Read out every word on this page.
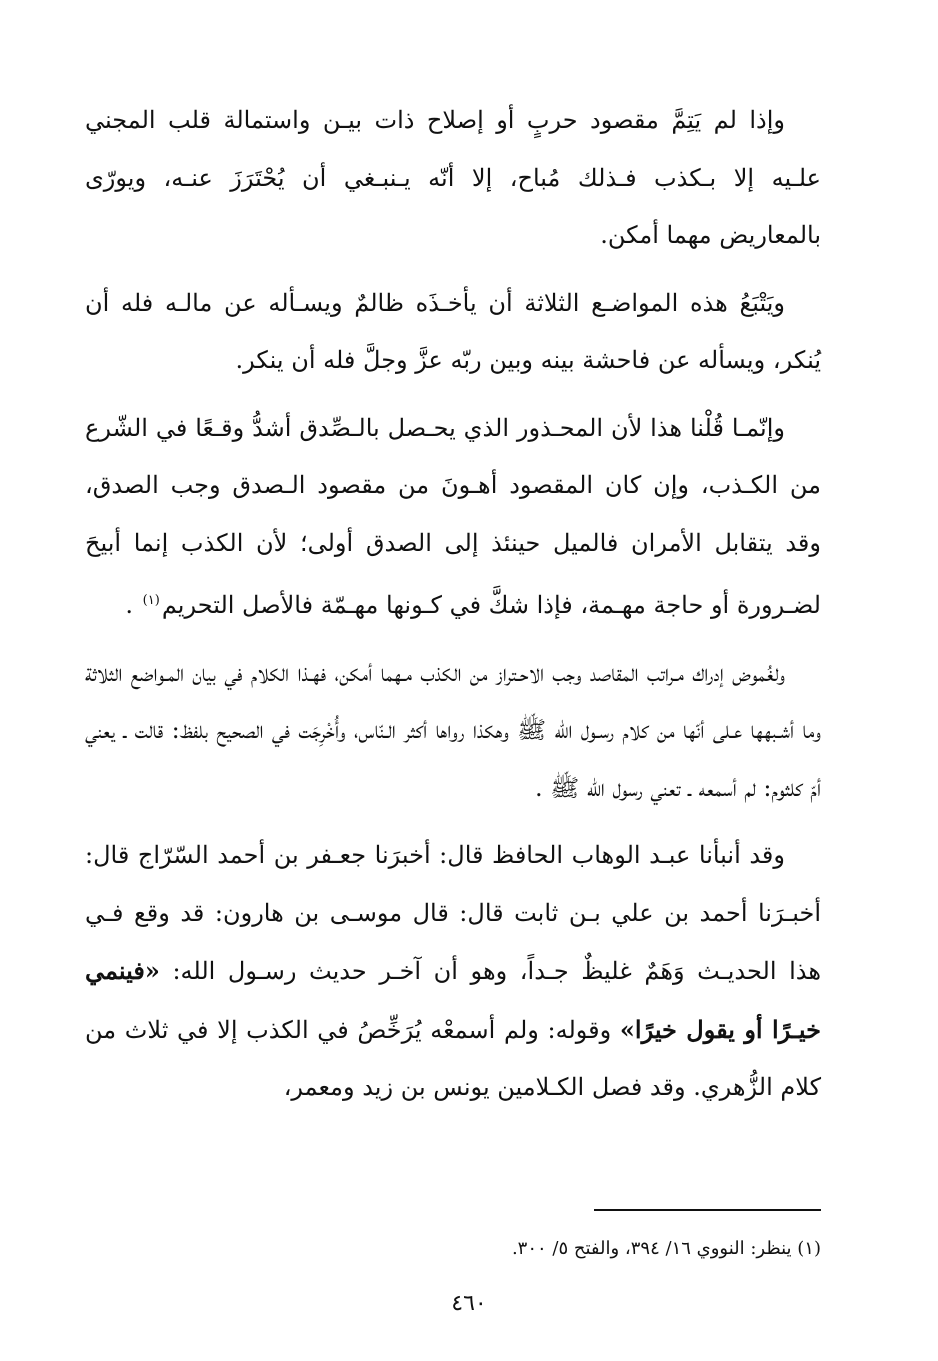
وإذا لم يَتِمَّ مقصود حربٍ أو إصلاح ذات بيـن واستمالة قلب المجني علـيه إلا بـكذب فـذلك مُباح، إلا أنّه يـنبـغي أن يُحْتَرَزَ عنـه، ويورّى بالمعاريض مهما أمكن.

ويَتْبَعُ هذه المواضـع الثلاثة أن يأخـذَه ظالمٌ ويسـأله عن مالـه فله أن يُنكر، ويسأله عن فاحشة بينه وبين ربّه عزَّ وجلَّ فله أن ينكر.

وإنّمـا قُلْنا هذا لأن المحـذور الذي يحـصل بالـصِّدق أشدُّ وقـعًا في الشّرع من الكـذب، وإن كان المقصود أهـونَ من مقصود الـصدق وجب الصدق، وقد يتقابل الأمران فالميل حينئذ إلى الصدق أولى؛ لأن الكذب إنما أبيحَ لضـرورة أو حاجة مهـمة، فإذا شكَّ في كـونها مهـمّة فالأصل التحريم$^{(١)}$ .

ولغُموض إدراك مـراتب المقاصد وجب الاحـتراز من الكذب مـهما أمكن، فهـذا الكلام في بيان المـواضع الثلاثة وما أشـبهها عـلى أنّها من كلام رسـول الله ﷺ وهكذا رواها أكثر الـنّاس، وأُخْرِجَت في الصحيح بلفظ: قالت ـ يعني أمّ كلثوم: لم أسمعه ـ تعني رسول الله ﷺ .

وقد أنبأنا عبـد الوهاب الحافظ قال: أخبرَنا جعـفر بن أحمد السّرّاج قال: أخبـرَنا أحمد بن علي بـن ثابت قال: قال موسـى بن هارون: قد وقع فـي هذا الحديـث وَهَمٌ غليظٌ جـداً، وهو أن آخـر حديث رسـول الله: «فينمي خيـرًا أو يقول خيرًا» وقوله: ولم أسمعْه يُرَخِّصُ في الكذب إلا في ثلاث من كلام الزُّهري. وقد فصل الكـلامين يونس بن زيد ومعمر،

(١) ينظر: النووي ١٦/ ٣٩٤، والفتح ٥/ ٣٠٠.
٤٦٠
